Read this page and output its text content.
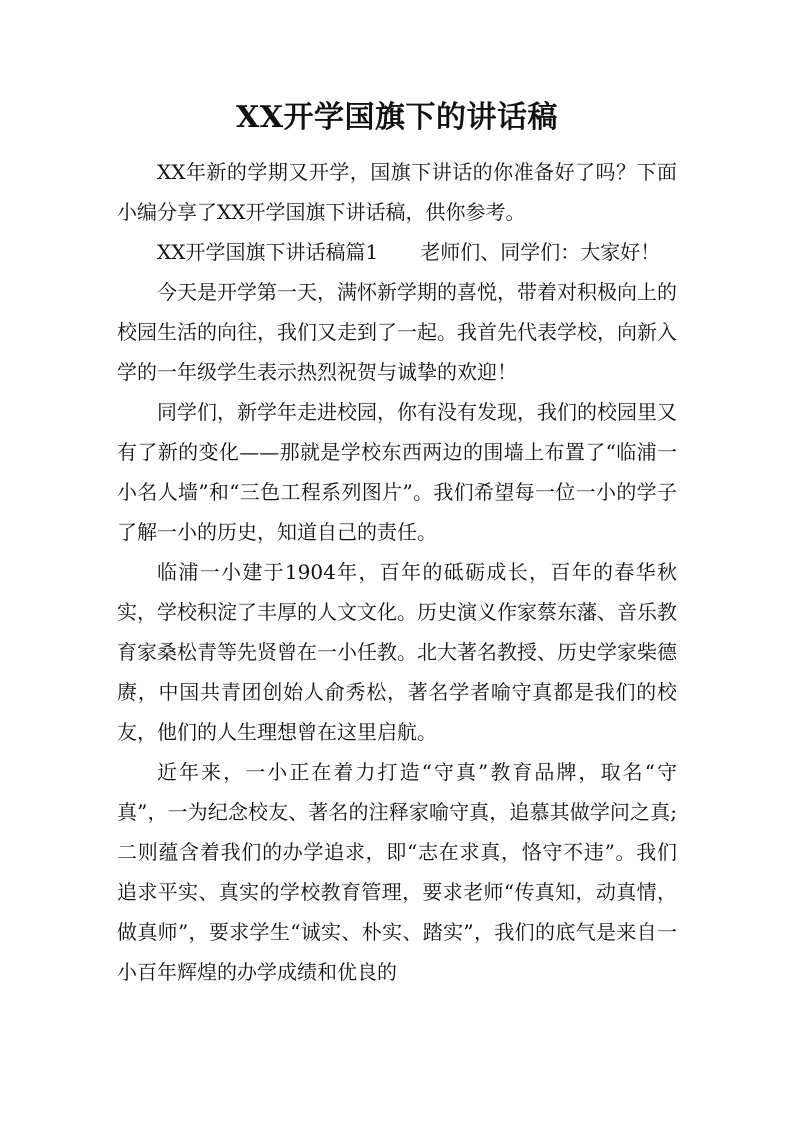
XX开学国旗下的讲话稿

XX年新的学期又开学，国旗下讲话的你准备好了吗？下面小编分享了XX开学国旗下讲话稿，供你参考。

XX开学国旗下讲话稿篇1 老师们、同学们：大家好！

今天是开学第一天，满怀新学期的喜悦，带着对积极向上的校园生活的向往，我们又走到了一起。我首先代表学校，向新入学的一年级学生表示热烈祝贺与诚挚的欢迎！

同学们，新学年走进校园，你有没有发现，我们的校园里又有了新的变化——那就是学校东西两边的围墙上布置了“临浦一小名人墙”和“三色工程系列图片”。我们希望每一位一小的学子了解一小的历史，知道自己的责任。

临浦一小建于1904年，百年的砥砺成长，百年的春华秋实，学校积淀了丰厚的人文文化。历史演义作家蔡东藩、音乐教育家桑松青等先贤曾在一小任教。北大著名教授、历史学家柴德赓，中国共青团创始人俞秀松，著名学者喻守真都是我们的校友，他们的人生理想曾在这里启航。

近年来，一小正在着力打造“守真”教育品牌，取名“守真”，一为纪念校友、著名的注释家喻守真，追慕其做学问之真;二则蕴含着我们的办学追求，即“志在求真，恪守不违”。我们追求平实、真实的学校教育管理，要求老师“传真知，动真情，做真师”，要求学生“诚实、朴实、踏实”，我们的底气是来自一小百年辉煌的办学成绩和优良的
